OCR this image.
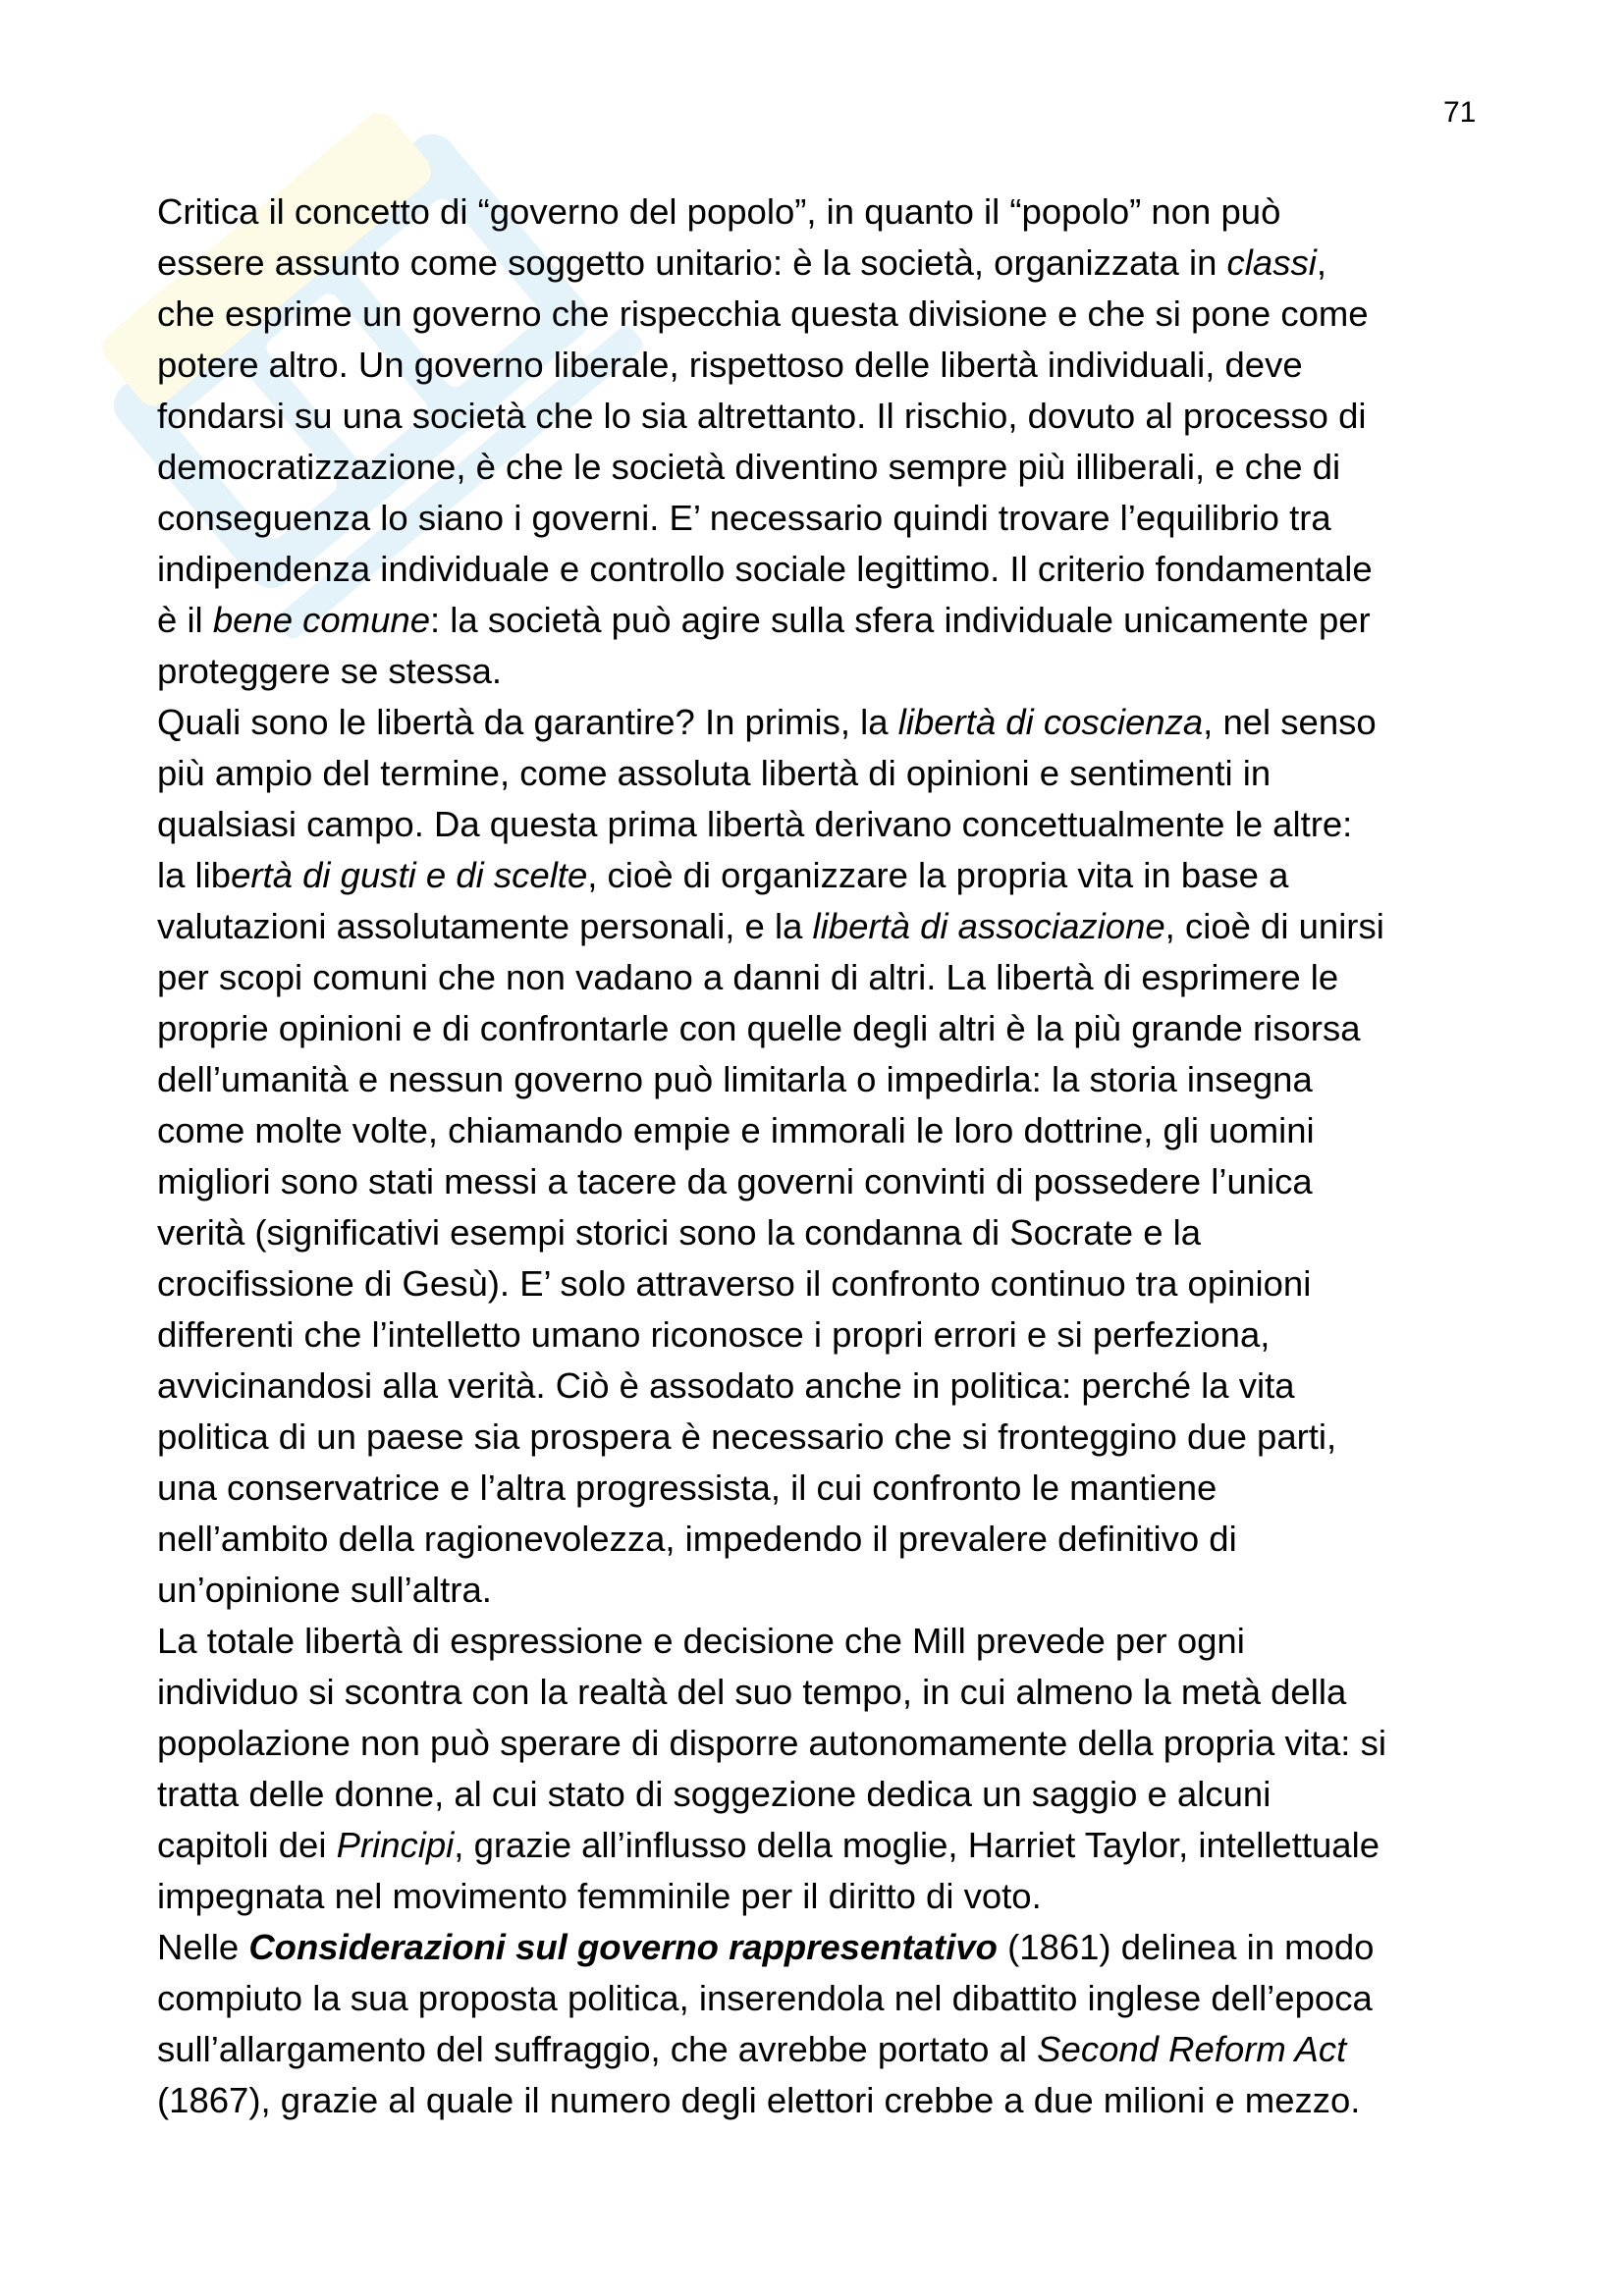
71
Critica il concetto di “governo del popolo”, in quanto il “popolo” non può
essere assunto come soggetto unitario: è la società, organizzata in classi,
che esprime un governo che rispecchia questa divisione e che si pone come
potere altro. Un governo liberale, rispettoso delle libertà individuali, deve
fondarsi su una società che lo sia altrettanto. Il rischio, dovuto al processo di
democratizzazione, è che le società diventino sempre più illiberali, e che di
conseguenza lo siano i governi. E’ necessario quindi trovare l’equilibrio tra
indipendenza individuale e controllo sociale legittimo. Il criterio fondamentale
è il bene comune: la società può agire sulla sfera individuale unicamente per
proteggere se stessa.
Quali sono le libertà da garantire? In primis, la libertà di coscienza, nel senso
più ampio del termine, come assoluta libertà di opinioni e sentimenti in
qualsiasi campo. Da questa prima libertà derivano concettualmente le altre:
la libertà di gusti e di scelte, cioè di organizzare la propria vita in base a
valutazioni assolutamente personali, e la libertà di associazione, cioè di unirsi
per scopi comuni che non vadano a danni di altri. La libertà di esprimere le
proprie opinioni e di confrontarle con quelle degli altri è la più grande risorsa
dell’umanità e nessun governo può limitarla o impedirla: la storia insegna
come molte volte, chiamando empie e immorali le loro dottrine, gli uomini
migliori sono stati messi a tacere da governi convinti di possedere l’unica
verità (significativi esempi storici sono la condanna di Socrate e la
crocifissione di Gesù). E’ solo attraverso il confronto continuo tra opinioni
differenti che l’intelletto umano riconosce i propri errori e si perfeziona,
avvicinandosi alla verità. Ciò è assodato anche in politica: perché la vita
politica di un paese sia prospera è necessario che si fronteggino due parti,
una conservatrice e l’altra progressista, il cui confronto le mantiene
nell’ambito della ragionevolezza, impedendo il prevalere definitivo di
un’opinione sull’altra.
La totale libertà di espressione e decisione che Mill prevede per ogni
individuo si scontra con la realtà del suo tempo, in cui almeno la metà della
popolazione non può sperare di disporre autonomamente della propria vita: si
tratta delle donne, al cui stato di soggezione dedica un saggio e alcuni
capitoli dei Principi, grazie all’influsso della moglie, Harriet Taylor, intellettuale
impegnata nel movimento femminile per il diritto di voto.
Nelle Considerazioni sul governo rappresentativo (1861) delinea in modo
compiuto la sua proposta politica, inserendola nel dibattito inglese dell’epoca
sull’allargamento del suffraggio, che avrebbe portato al Second Reform Act
(1867), grazie al quale il numero degli elettori crebbe a due milioni e mezzo.
